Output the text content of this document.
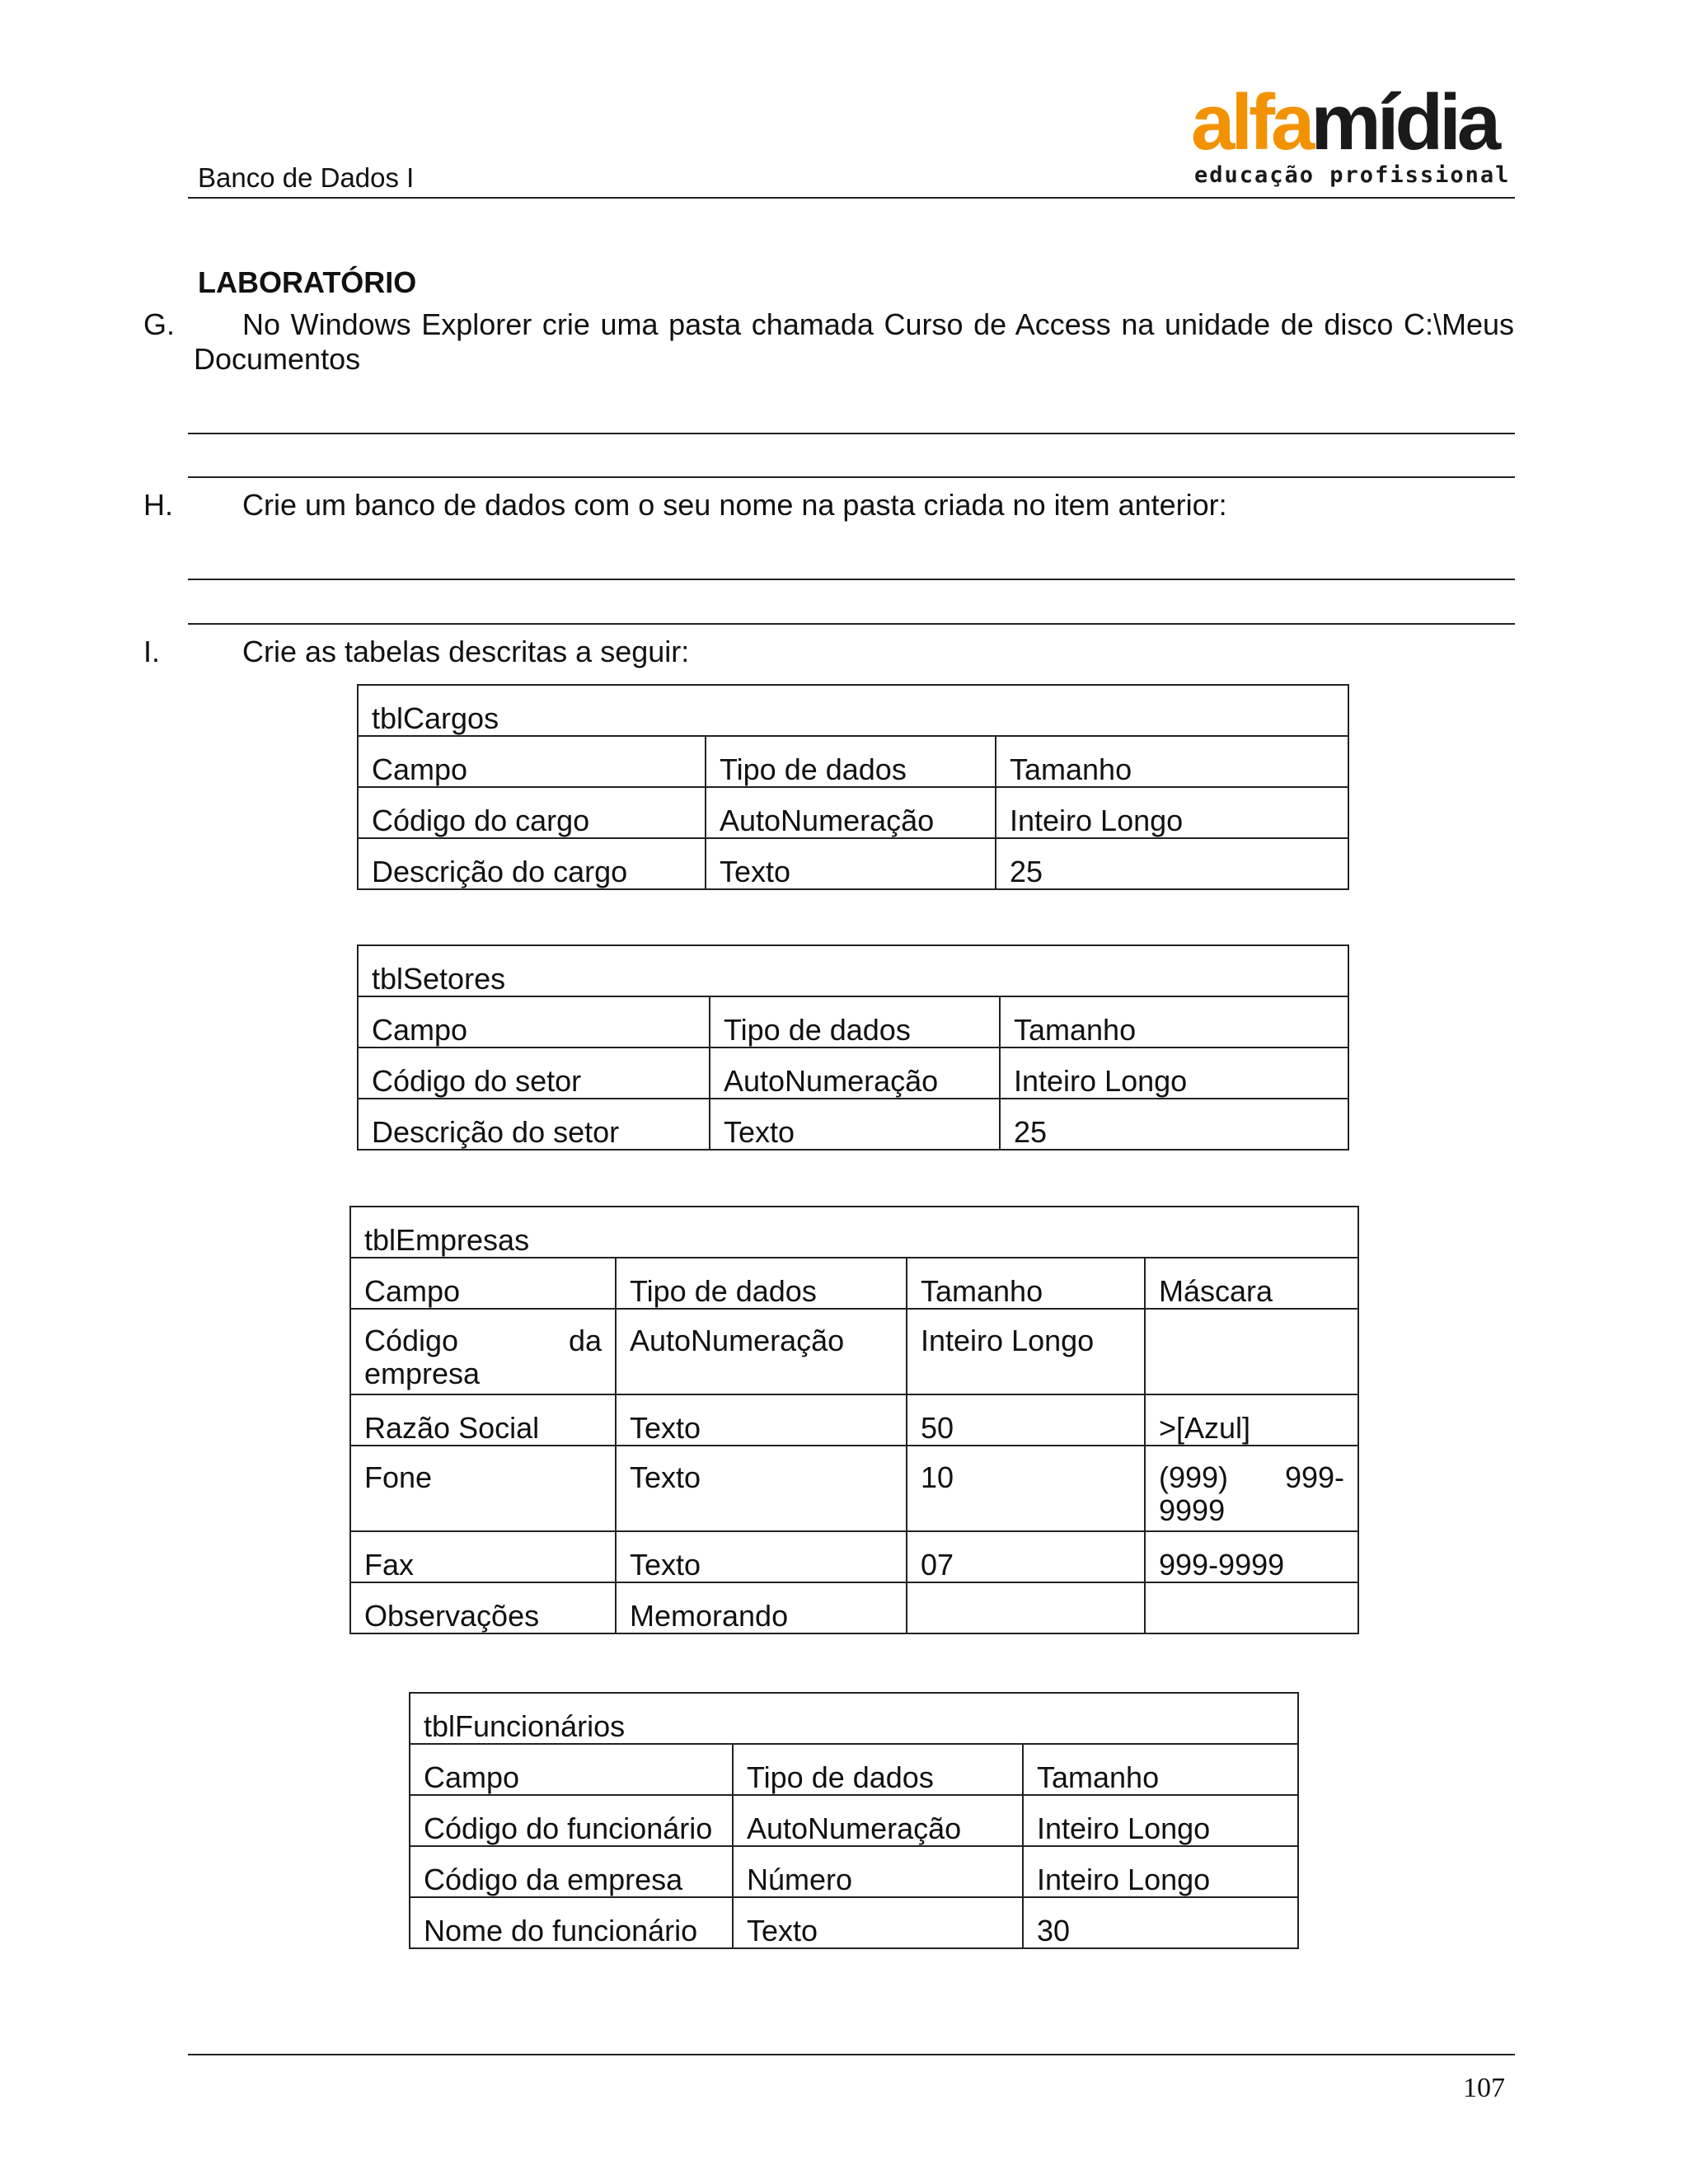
Banco de Dados I
alfamídia
educação profissional
LABORATÓRIO
G.	No Windows Explorer crie uma pasta chamada Curso de Access na unidade de disco C:\Meus Documentos
H. Crie um banco de dados com o seu nome na pasta criada no item anterior:
I.	Crie as tabelas descritas a seguir:
tblCargos		
Campo	Tipo de dados	Tamanho
Código do cargo	AutoNumeração	Inteiro Longo
Descrição do cargo	Texto	25
tblSetores		
Campo	Tipo de dados	Tamanho
Código do setor	AutoNumeração	Inteiro Longo
Descrição do setor	Texto	25
tblEmpresas			
Campo	Tipo de dados	Tamanho	Máscara
Código da empresa	AutoNumeração	Inteiro Longo	
Razão Social	Texto	50	>[Azul]
Fone	Texto	10	(999) 999-9999
Fax	Texto	07	999-9999
Observações	Memorando		
tblFuncionários		
Campo	Tipo de dados	Tamanho
Código do funcionário	AutoNumeração	Inteiro Longo
Código da empresa	Número	Inteiro Longo
Nome do funcionário	Texto	30
107
